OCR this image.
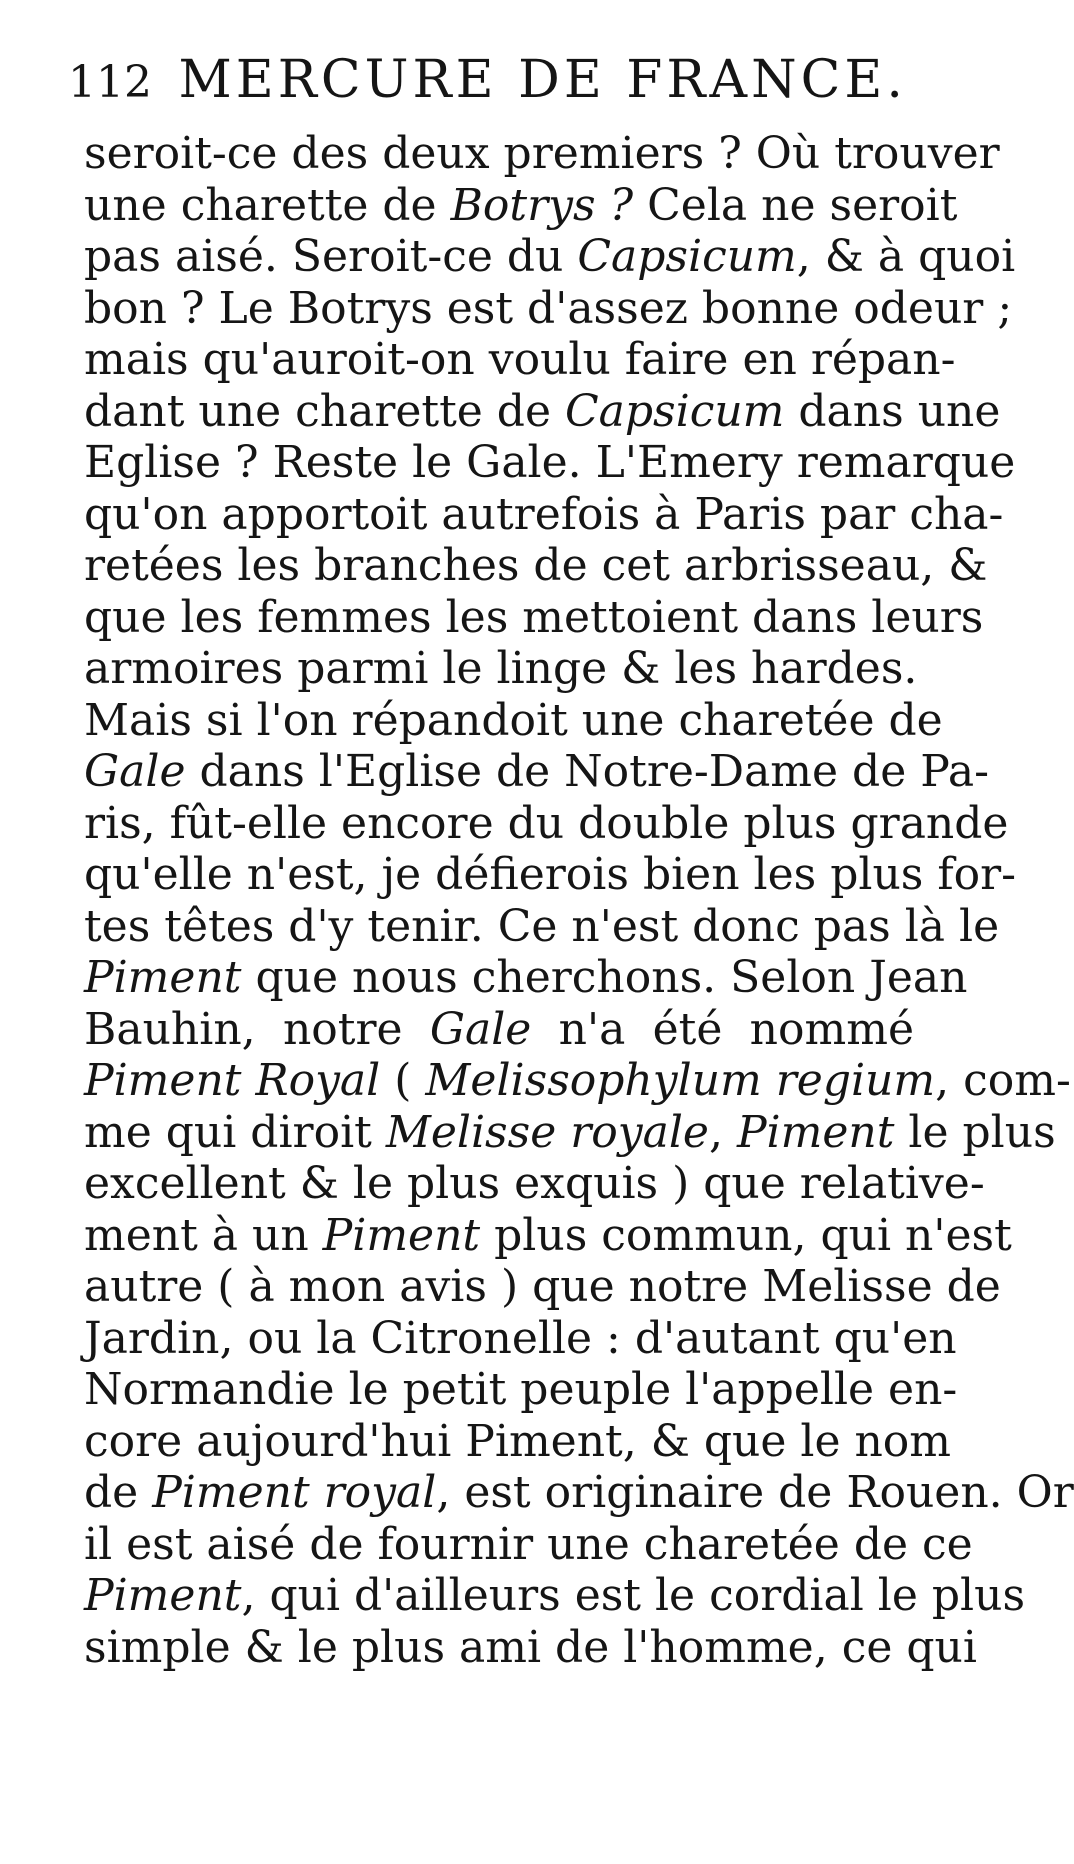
112 MERCURE DE FRANCE.
seroit-ce des deux premiers ? Où trouver
une charette de Botrys ? Cela ne seroit
pas aisé. Seroit-ce du Capsicum, & à quoi
bon ? Le Botrys est d'assez bonne odeur ;
mais qu'auroit-on voulu faire en répan-
dant une charette de Capsicum dans une
Eglise ? Reste le Gale. L'Emery remarque
qu'on apportoit autrefois à Paris par cha-
retées les branches de cet arbrisseau, &
que les femmes les mettoient dans leurs
armoires parmi le linge & les hardes.
Mais si l'on répandoit une charetée de
Gale dans l'Eglise de Notre-Dame de Pa-
ris, fût-elle encore du double plus grande
qu'elle n'est, je défierois bien les plus for-
tes têtes d'y tenir. Ce n'est donc pas là le
Piment que nous cherchons. Selon Jean
Bauhin, notre Gale n'a été nommé
Piment Royal ( Melissophylum regium, com-
me qui diroit Melisse royale, Piment le plus
excellent & le plus exquis ) que relative-
ment à un Piment plus commun, qui n'est
autre ( à mon avis ) que notre Melisse de
Jardin, ou la Citronelle : d'autant qu'en
Normandie le petit peuple l'appelle en-
core aujourd'hui Piment, & que le nom
de Piment royal, est originaire de Rouen. Or
il est aisé de fournir une charetée de ce
Piment, qui d'ailleurs est le cordial le plus
simple & le plus ami de l'homme, ce qui
